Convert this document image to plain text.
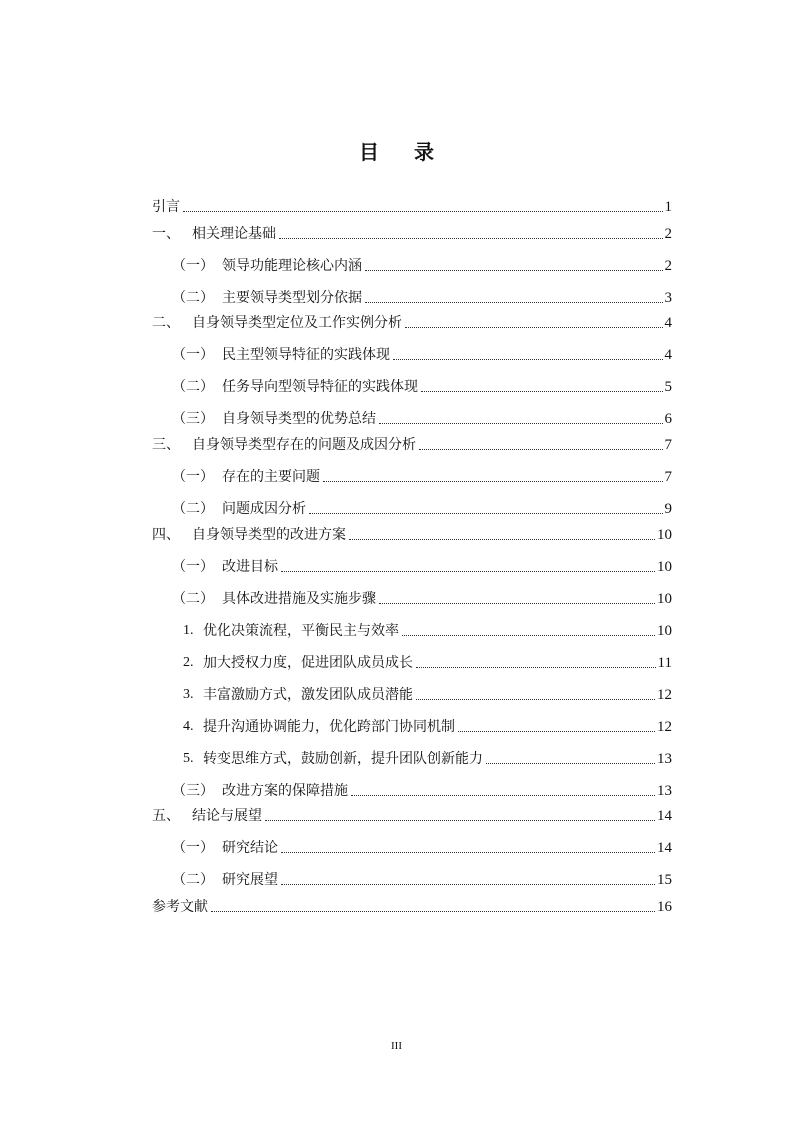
目 录
引言	1
一、 相关理论基础	2
（一） 领导功能理论核心内涵	2
（二） 主要领导类型划分依据	3
二、 自身领导类型定位及工作实例分析	4
（一） 民主型领导特征的实践体现	4
（二） 任务导向型领导特征的实践体现	5
（三） 自身领导类型的优势总结	6
三、 自身领导类型存在的问题及成因分析	7
（一） 存在的主要问题	7
（二） 问题成因分析	9
四、 自身领导类型的改进方案	10
（一） 改进目标	10
（二） 具体改进措施及实施步骤	10
1. 优化决策流程，平衡民主与效率	10
2. 加大授权力度，促进团队成员成长	11
3. 丰富激励方式，激发团队成员潜能	12
4. 提升沟通协调能力，优化跨部门协同机制	12
5. 转变思维方式，鼓励创新，提升团队创新能力	13
（三） 改进方案的保障措施	13
五、 结论与展望	14
（一） 研究结论	14
（二） 研究展望	15
参考文献	16
III
